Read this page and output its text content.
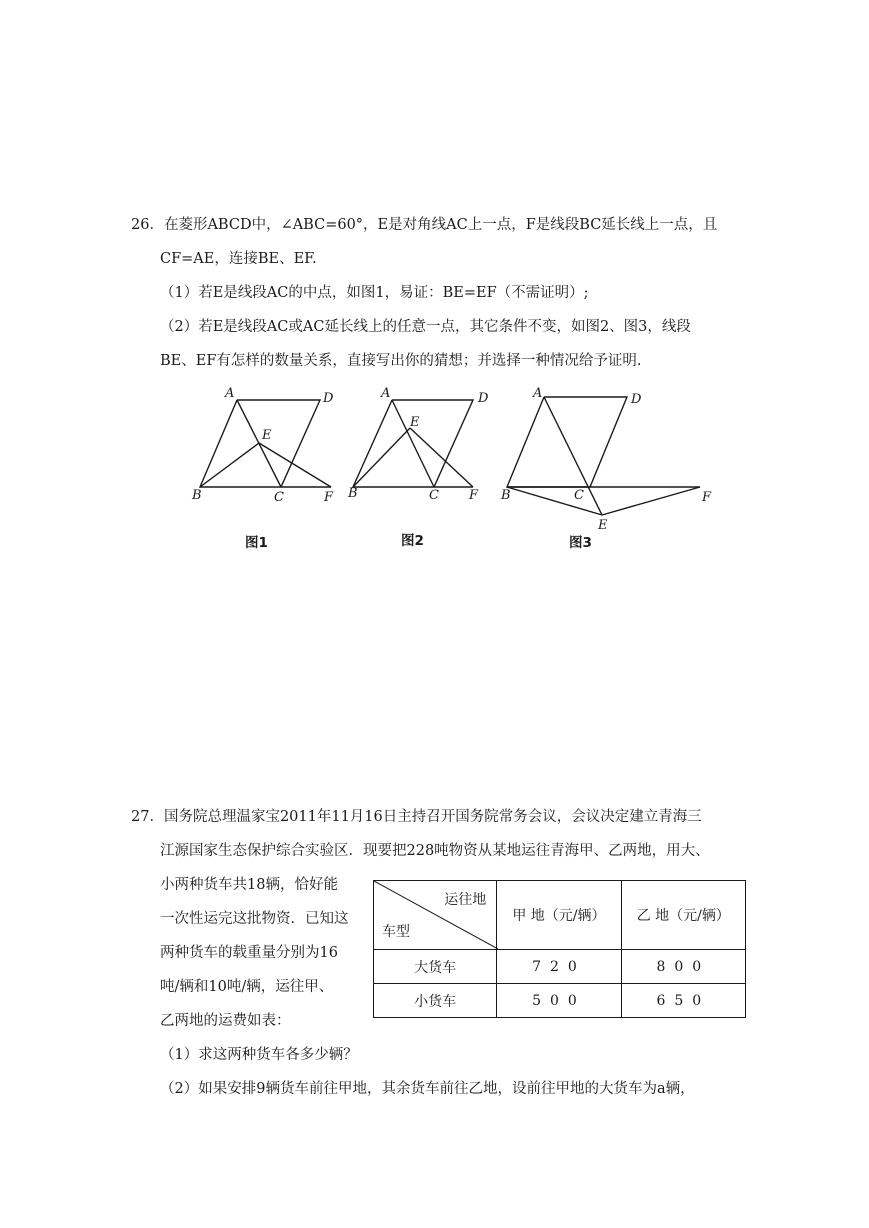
26．在菱形ABCD中，∠ABC=60°，E是对角线AC上一点，F是线段BC延长线上一点，且
CF=AE，连接BE、EF.
（1）若E是线段AC的中点，如图1，易证：BE=EF（不需证明）;
（2）若E是线段AC或AC延长线上的任意一点，其它条件不变，如图2、图3，线段
BE、EF有怎样的数量关系，直接写出你的猜想；并选择一种情况给予证明.
A	D
E
B	C	F
图1
A	D
E
B	C F
图2
A	D
B	C	F
E
图3
27．国务院总理温家宝2011年11月16日主持召开国务院常务会议，会议决定建立青海三
江源国家生态保护综合实验区．现要把228吨物资从某地运往青海甲、乙两地，用大、
小两种货车共18辆，恰好能
一次性运完这批物资．已知这
两种货车的载重量分别为16
吨/辆和10吨/辆，运往甲、
乙两地的运费如表：
运往地
车型	甲 地（元/辆）	乙 地（元/辆）
大货车	720	800
小货车	500	650
（1）求这两种货车各多少辆？
（2）如果安排9辆货车前往甲地，其余货车前往乙地，设前往甲地的大货车为a辆，
